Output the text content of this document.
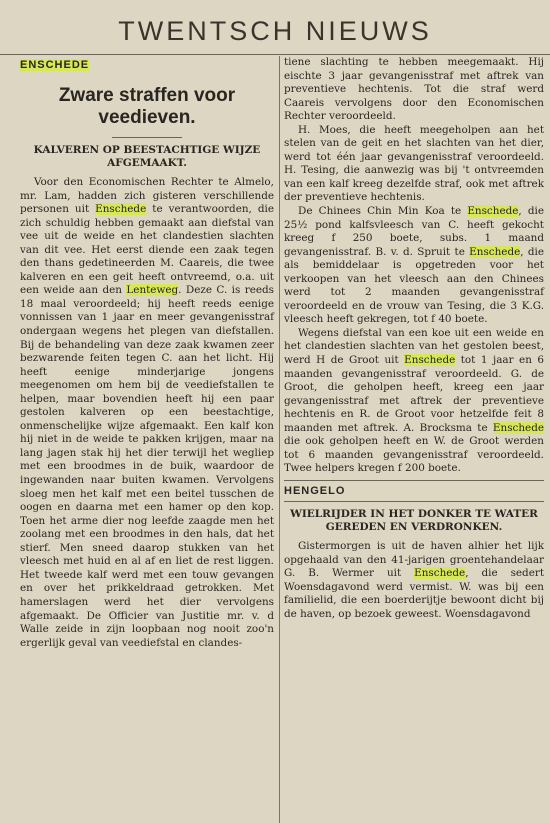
TWENTSCH NIEUWS
ENSCHEDE
Zware straffen voor veedieven.
KALVEREN OP BEESTACHTIGE WIJZE AFGEMAAKT.

Voor den Economischen Rechter te Almelo, mr. Lam, hadden zich gisteren verschillende personen uit Enschede te verantwoorden, die zich schuldig hebben gemaakt aan diefstal van vee uit de weide en het clandestien slachten van dit vee. Het eerst diende een zaak tegen den thans gedetineerden M. Caareis, die twee kalveren en een geit heeft ontvreemd, o.a. uit een weide aan den Lenteweg. Deze C. is reeds 18 maal veroordeeld; hij heeft reeds eenige vonnissen van 1 jaar en meer gevangenisstraf ondergaan wegens het plegen van diefstallen. Bij de behandeling van deze zaak kwamen zeer bezwarende feiten tegen C. aan het licht. Hij heeft eenige minderjarige jongens meegenomen om hem bij de veediefstallen te helpen, maar bovendien heeft hij een paar gestolen kalveren op een beestachtige, onmenschelijke wijze afgemaakt. Een kalf kon hij niet in de weide te pakken krijgen, maar na lang jagen stak hij het dier terwijl het wegliep met een broodmes in de buik, waardoor de ingewanden naar buiten kwamen. Vervolgens sloeg men het kalf met een beitel tusschen de oogen en daarna met een hamer op den kop. Toen het arme dier nog leefde zaagde men het zoolang met een broodmes in den hals, dat het stierf. Men sneed daarop stukken van het vleesch met huid en al af en liet de rest liggen. Het tweede kalf werd met een touw gevangen en over het prikkeldraad getrokken. Met hamerslagen werd het dier vervolgens afgemaakt. De Officier van Justitie mr. v. d Walle zeide in zijn loopbaan nog nooit zoo'n ergerlijk geval van veediefstal en clandes-

tiene slachting te hebben meegemaakt. Hij eischte 3 jaar gevangenisstraf met aftrek van preventieve hechtenis. Tot die straf werd Caareis vervolgens door den Economischen Rechter veroordeeld.

H. Moes, die heeft meegeholpen aan het stelen van de geit en het slachten van het dier, werd tot één jaar gevangenisstraf veroordeeld. H. Tesing, die aanwezig was bij 't ontvreemden van een kalf kreeg dezelfde straf, ook met aftrek der preventieve hechtenis.

De Chinees Chin Min Koa te Enschede, die 25½ pond kalfsvleesch van C. heeft gekocht kreeg f 250 boete, subs. 1 maand gevangenisstraf. B. v. d. Spruit te Enschede, die als bemiddelaar is opgetreden voor het verkoopen van het vleesch aan den Chinees werd tot 2 maanden gevangenisstraf veroordeeld en de vrouw van Tesing, die 3 K.G. vleesch heeft gekregen, tot f 40 boete.

Wegens diefstal van een koe uit een weide en het clandestien slachten van het gestolen beest, werd H de Groot uit Enschede tot 1 jaar en 6 maanden gevangenisstraf veroordeeld. G. de Groot, die geholpen heeft, kreeg een jaar gevangenisstraf met aftrek der preventieve hechtenis en R. de Groot voor hetzelfde feit 8 maanden met aftrek. A. Brocksma te Enschede die ook geholpen heeft en W. de Groot werden tot 6 maanden gevangenisstraf veroordeeld. Twee helpers kregen f 200 boete.

HENGELO
WIELRIJDER IN HET DONKER TE WATER GEREDEN EN VERDRONKEN.

Gistermorgen is uit de haven alhier het lijk opgehaald van den 41-jarigen groentehandelaar G. B. Wermer uit Enschede, die sedert Woensdagavond werd vermist. W. was bij een familielid, die een boerderijtje bewoont dicht bij de haven, op bezoek geweest. Woensdagavond
